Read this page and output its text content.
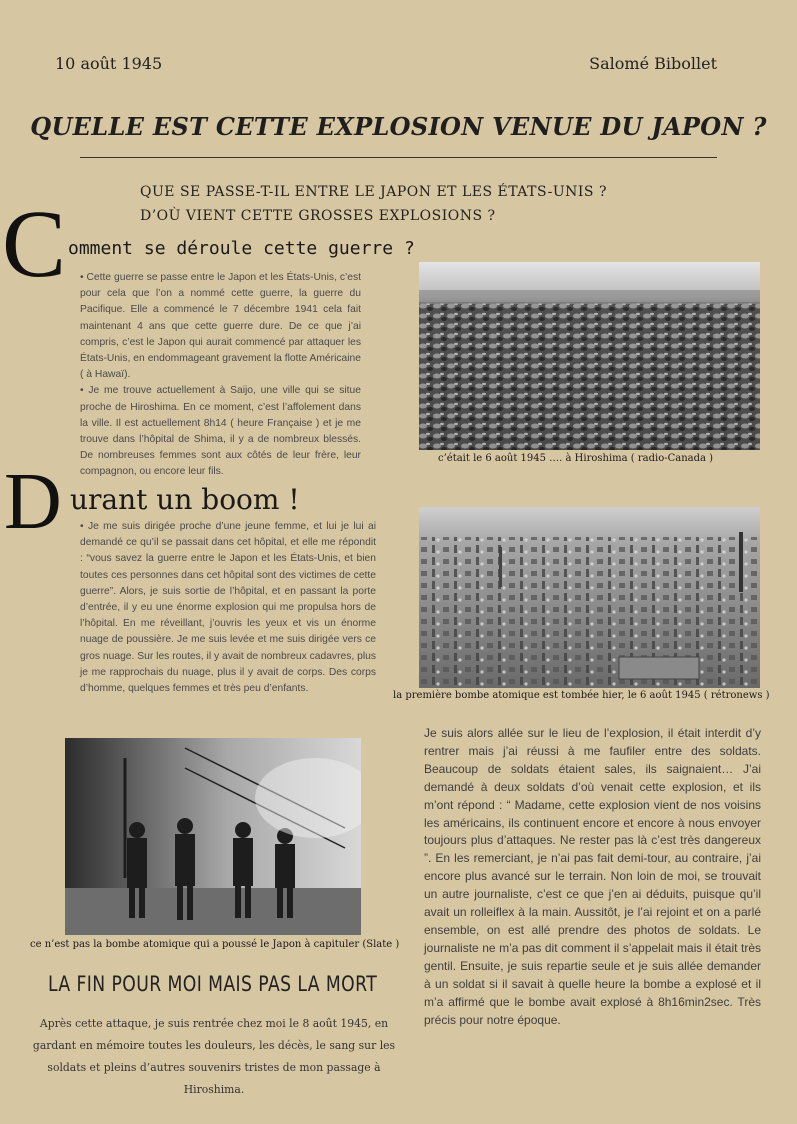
10 août 1945	Salomé Bibollet
QUELLE EST CETTE EXPLOSION VENUE DU JAPON ?
QUE SE PASSE-T-IL ENTRE LE JAPON ET LES ÉTATS-UNIS ?
D’OÙ VIENT CETTE GROSSES EXPLOSIONS ?
C omment se déroule cette guerre ?
• Cette guerre se passe entre le Japon et les États-Unis, c’est pour cela que l’on a nommé cette guerre, la guerre du Pacifique. Elle a commencé le 7 décembre 1941 cela fait maintenant 4 ans que cette guerre dure. De ce que j’ai compris, c’est le Japon qui aurait commencé par attaquer les États-Unis, en endommageant gravement la flotte Américaine ( à Hawaï).
• Je me trouve actuellement à Saijo, une ville qui se situe proche de Hiroshima. En ce moment, c’est l’affolement dans la ville. Il est actuellement 8h14 ( heure Française ) et je me trouve dans l’hôpital de Shima, il y a de nombreux blessés. De nombreuses femmes sont aux côtés de leur frère, leur compagnon, ou encore leur fils.
c’était le 6 août 1945 …. à Hiroshima ( radio-Canada )
D urant un boom !
• Je me suis dirigée proche d’une jeune femme, et lui je lui ai demandé ce qu’il se passait dans cet hôpital, et elle me répondit : “vous savez la guerre entre le Japon et les États-Unis, et bien toutes ces personnes dans cet hôpital sont des victimes de cette guerre”. Alors, je suis sortie de l’hôpital, et en passant la porte d’entrée, il y eu une énorme explosion qui me propulsa hors de l’hôpital. En me réveillant, j’ouvris les yeux et vis un énorme nuage de poussière. Je me suis levée et me suis dirigée vers ce gros nuage. Sur les routes, il y avait de nombreux cadavres, plus je me rapprochais du nuage, plus il y avait de corps. Des corps d’homme, quelques femmes et très peu d’enfants.
la première bombe atomique est tombée hier, le 6 août 1945 ( rétronews )
ce n’est pas la bombe atomique qui a poussé le Japon à capituler (Slate )
Je suis alors allée sur le lieu de l’explosion, il était interdit d’y rentrer mais j’ai réussi à me faufiler entre des soldats. Beaucoup de soldats étaient sales, ils saignaient… J’ai demandé à deux soldats d’où venait cette explosion, et ils m’ont répond : “ Madame, cette explosion vient de nos voisins les américains, ils continuent encore et encore à nous envoyer toujours plus d’attaques. Ne rester pas là c’est très dangereux ”. En les remerciant, je n’ai pas fait demi-tour, au contraire, j’ai encore plus avancé sur le terrain. Non loin de moi, se trouvait un autre journaliste, c’est ce que j’en ai déduits, puisque qu’il avait un rolleiflex à la main. Aussitôt, je l’ai rejoint et on a parlé ensemble, on est allé prendre des photos de soldats. Le journaliste ne m’a pas dit comment il s’appelait mais il était très gentil. Ensuite, je suis repartie seule et je suis allée demander à un soldat si il savait à quelle heure la bombe a explosé et il m’a affirmé que le bombe avait explosé à 8h16min2sec. Très précis pour notre époque.
LA FIN POUR MOI MAIS PAS LA MORT
Après cette attaque, je suis rentrée chez moi le 8 août 1945, en gardant en mémoire toutes les douleurs, les décès, le sang sur les soldats et pleins d’autres souvenirs tristes de mon passage à Hiroshima.
